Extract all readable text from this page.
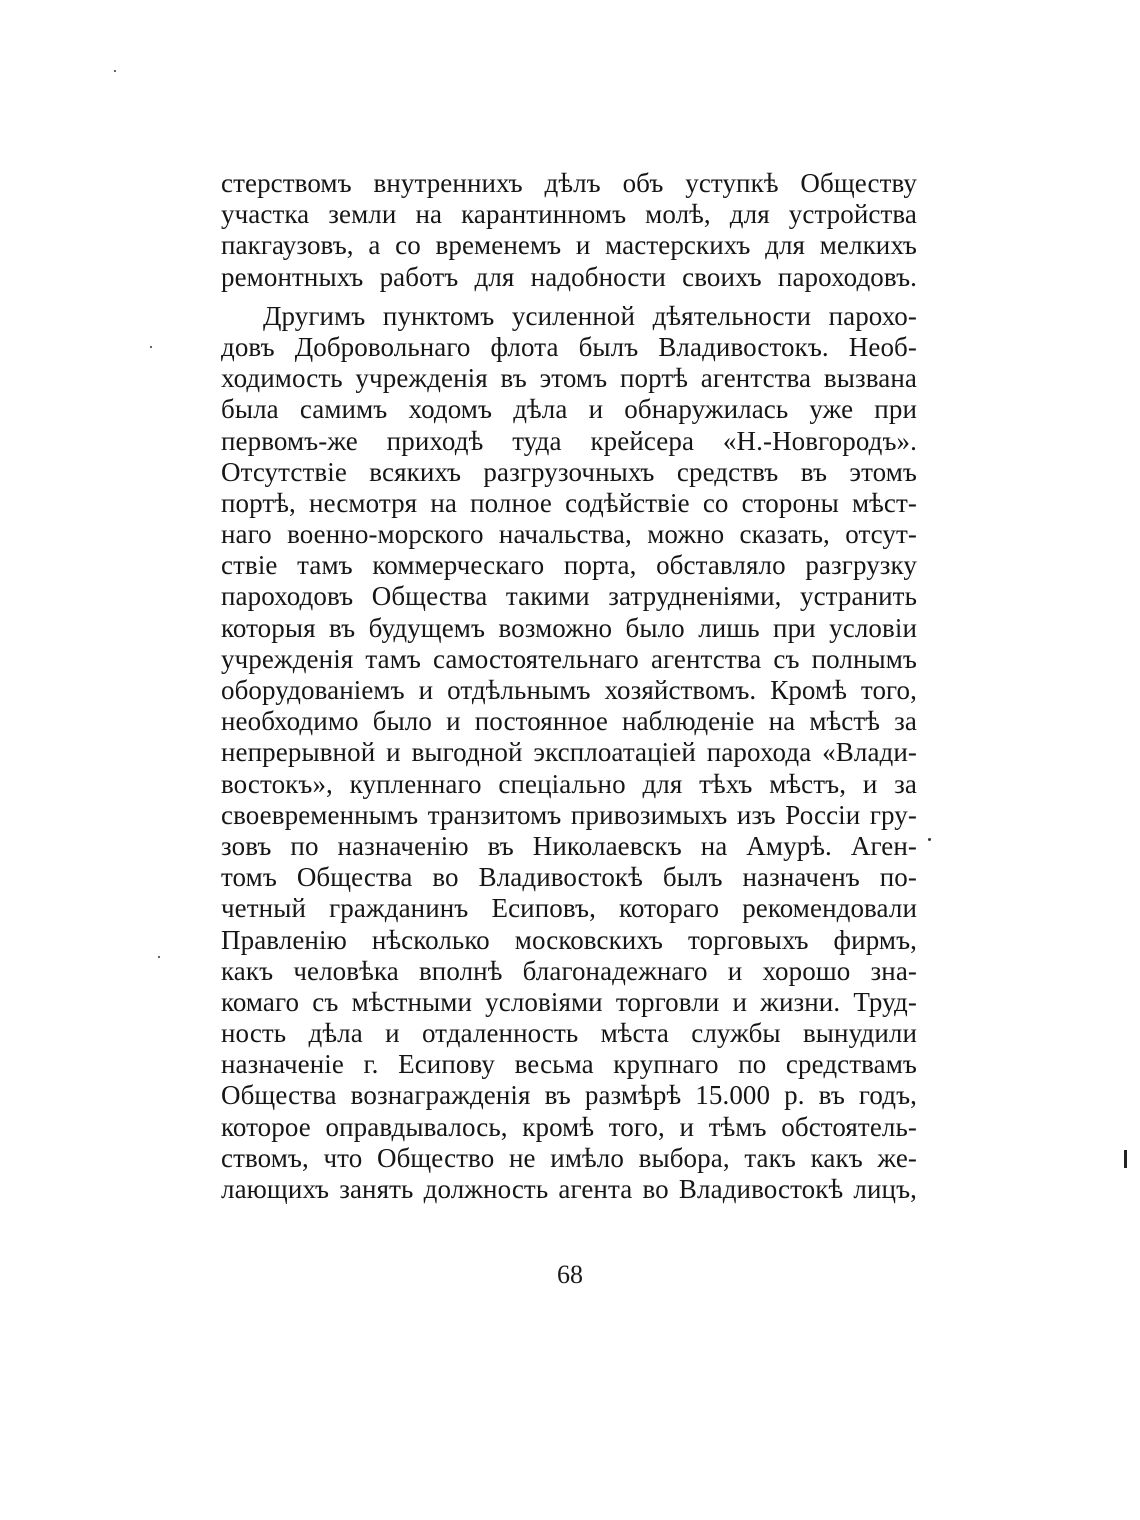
стерствомъ внутреннихъ дѣлъ объ уступкѣ Обществу
участка земли на карантинномъ молѣ, для устройства
пакгаузовъ, а со временемъ и мастерскихъ для мелкихъ
ремонтныхъ работъ для надобности своихъ пароходовъ.
Другимъ пунктомъ усиленной дѣятельности парохо-
довъ Добровольнаго флота былъ Владивостокъ. Необ-
ходимость учрежденія въ этомъ портѣ агентства вызвана
была самимъ ходомъ дѣла и обнаружилась уже при
первомъ-же приходѣ туда крейсера «Н.-Новгородъ».
Отсутствіе всякихъ разгрузочныхъ средствъ въ этомъ
портѣ, несмотря на полное содѣйствіе со стороны мѣст-
наго военно-морского начальства, можно сказать, отсут-
ствіе тамъ коммерческаго порта, обставляло разгрузку
пароходовъ Общества такими затрудненіями, устранить
которыя въ будущемъ возможно было лишь при условіи
учрежденія тамъ самостоятельнаго агентства съ полнымъ
оборудованіемъ и отдѣльнымъ хозяйствомъ. Кромѣ того,
необходимо было и постоянное наблюденіе на мѣстѣ за
непрерывной и выгодной эксплоатаціей парохода «Влади-
востокъ», купленнаго спеціально для тѣхъ мѣстъ, и за
своевременнымъ транзитомъ привозимыхъ изъ Россіи гру-
зовъ по назначенію въ Николаевскъ на Амурѣ. Аген-
томъ Общества во Владивостокѣ былъ назначенъ по-
четный гражданинъ Есиповъ, котораго рекомендовали
Правленію нѣсколько московскихъ торговыхъ фирмъ,
какъ человѣка вполнѣ благонадежнаго и хорошо зна-
комаго съ мѣстными условіями торговли и жизни. Труд-
ность дѣла и отдаленность мѣста службы вынудили
назначеніе г. Есипову весьма крупнаго по средствамъ
Общества вознагражденія въ размѣрѣ 15.000 р. въ годъ,
которое оправдывалось, кромѣ того, и тѣмъ обстоятель-
ствомъ, что Общество не имѣло выбора, такъ какъ же-
лающихъ занять должность агента во Владивостокѣ лицъ,
68
